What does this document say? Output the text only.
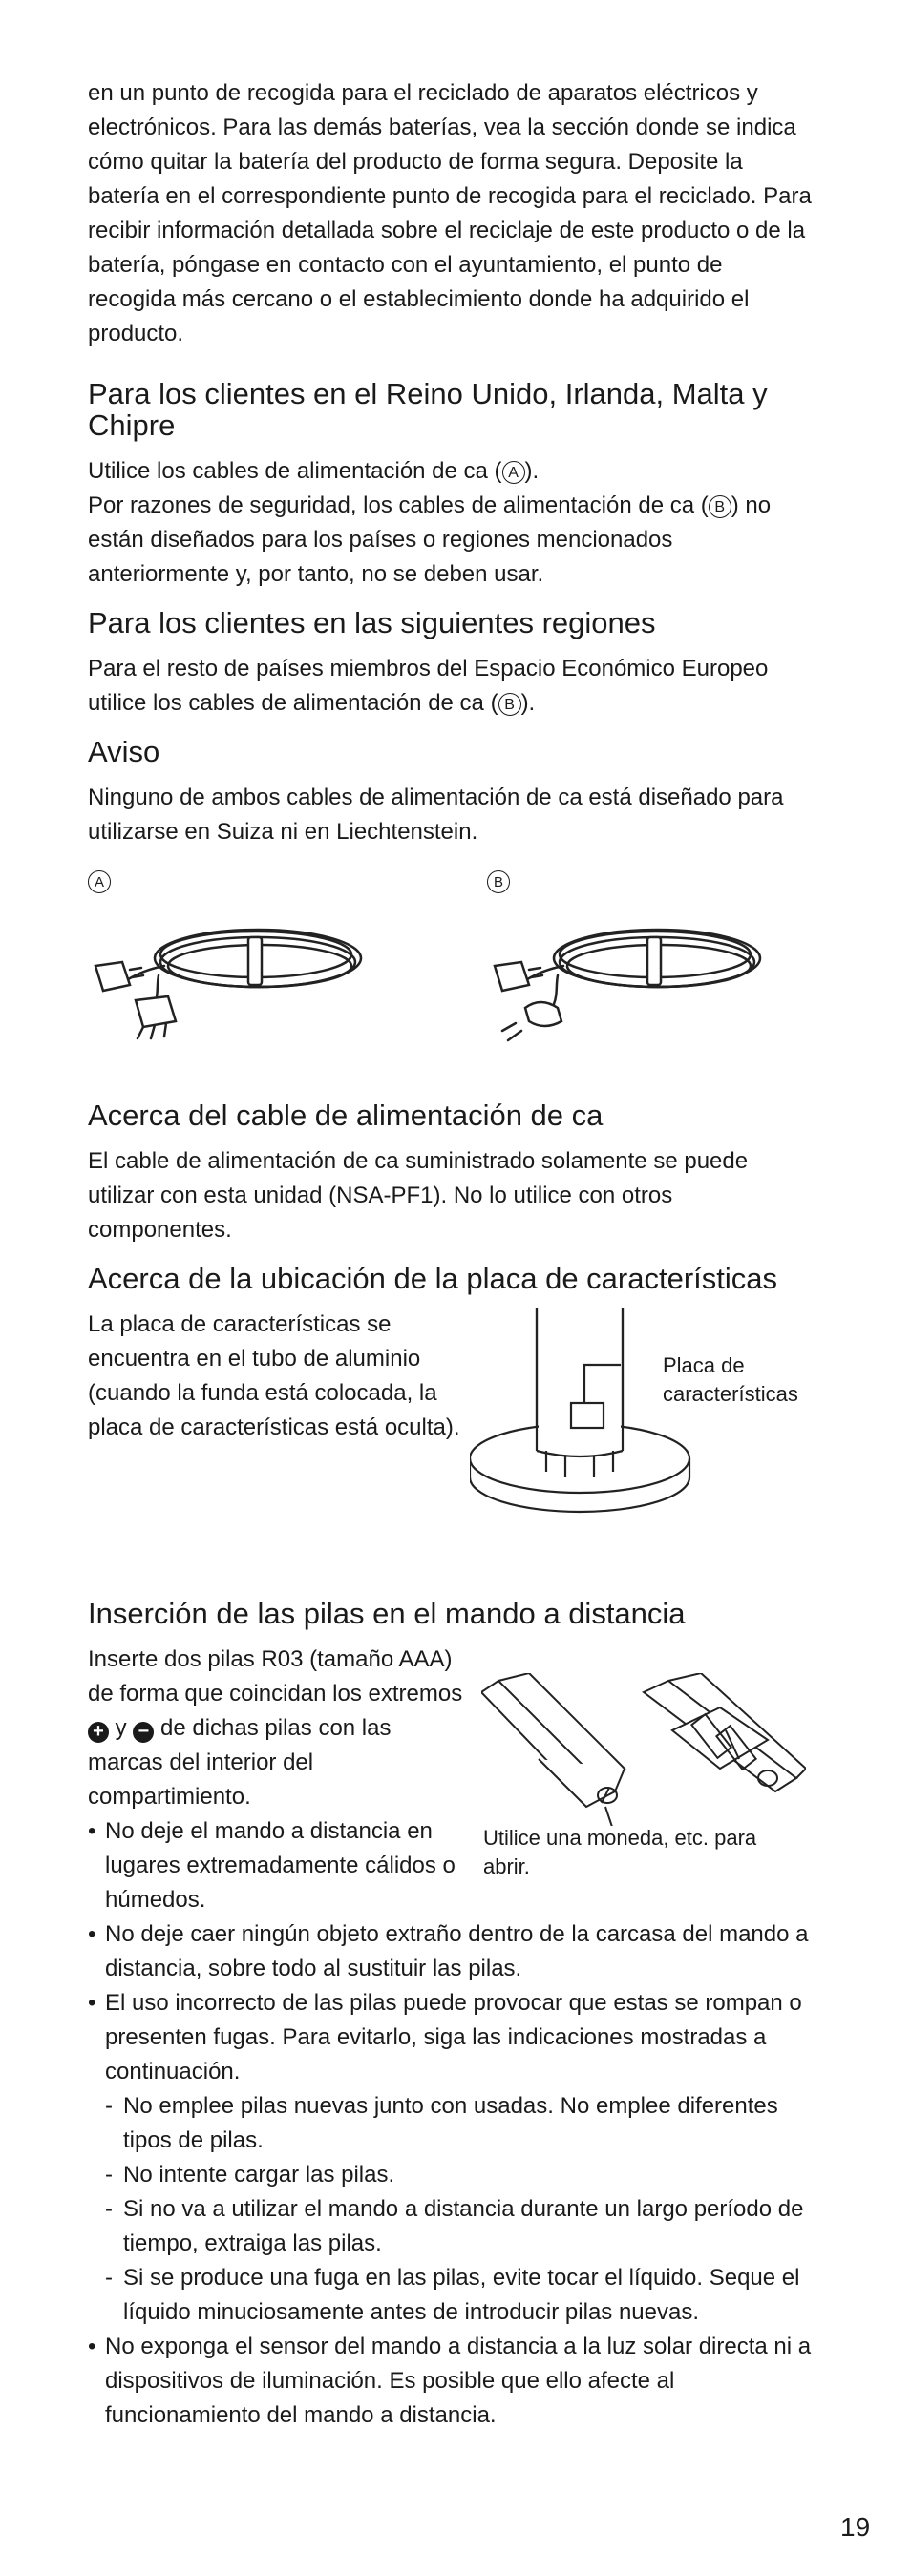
en un punto de recogida para el reciclado de aparatos eléctricos y electrónicos. Para las demás baterías, vea la sección donde se indica cómo quitar la batería del producto de forma segura. Deposite la batería en el correspondiente punto de recogida para el reciclado. Para recibir información detallada sobre el reciclaje de este producto o de la batería, póngase en contacto con el ayuntamiento, el punto de recogida más cercano o el establecimiento donde ha adquirido el producto.

Para los clientes en el Reino Unido, Irlanda, Malta y Chipre

Utilice los cables de alimentación de ca ( A ).

Por razones de seguridad, los cables de alimentación de ca ( B ) no están diseñados para los países o regiones mencionados anteriormente y, por tanto, no se deben usar.

Para los clientes en las siguientes regiones

Para el resto de países miembros del Espacio Económico Europeo utilice los cables de alimentación de ca ( B ).

Aviso

Ninguno de ambos cables de alimentación de ca está diseñado para utilizarse en Suiza ni en Liechtenstein.

A	B
Acerca del cable de alimentación de ca

El cable de alimentación de ca suministrado solamente se puede utilizar con esta unidad (NSA-PF1). No lo utilice con otros componentes.

Acerca de la ubicación de la placa de características

La placa de características se encuentra en el tubo de aluminio (cuando la funda está colocada, la placa de características está oculta).

Placa de características
Inserción de las pilas en el mando a distancia

Inserte dos pilas R03 (tamaño AAA) de forma que coincidan los extremos + y − de dichas pilas con las marcas del interior del compartimiento.

Utilice una moneda, etc. para abrir.
• No deje el mando a distancia en lugares extremadamente cálidos o húmedos.
• No deje caer ningún objeto extraño dentro de la carcasa del mando a distancia, sobre todo al sustituir las pilas.
• El uso incorrecto de las pilas puede provocar que estas se rompan o presenten fugas. Para evitarlo, siga las indicaciones mostradas a continuación.
- No emplee pilas nuevas junto con usadas. No emplee diferentes tipos de pilas.
- No intente cargar las pilas.
- Si no va a utilizar el mando a distancia durante un largo período de tiempo, extraiga las pilas.
- Si se produce una fuga en las pilas, evite tocar el líquido. Seque el líquido minuciosamente antes de introducir pilas nuevas.
• No exponga el sensor del mando a distancia a la luz solar directa ni a dispositivos de iluminación. Es posible que ello afecte al funcionamiento del mando a distancia.
19
